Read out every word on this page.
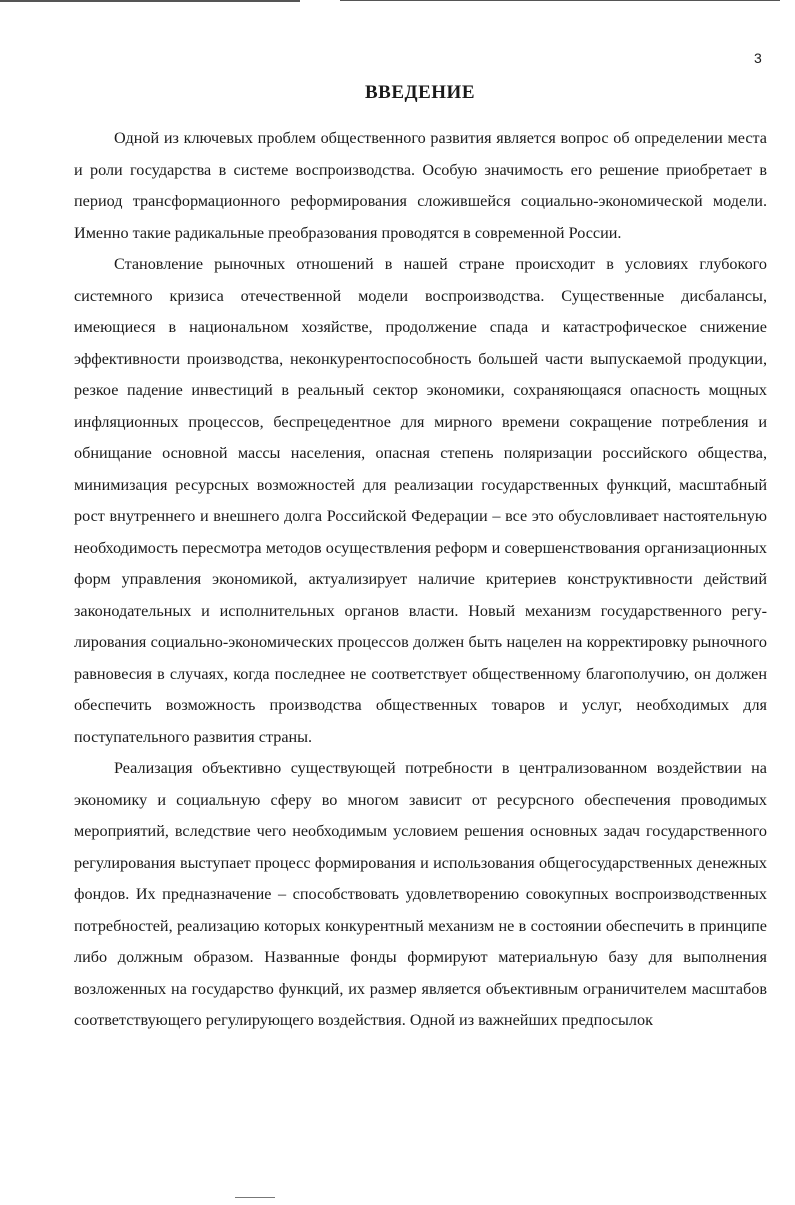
3
ВВЕДЕНИЕ

Одной из ключевых проблем общественного развития является вопрос об определении места и роли государства в системе воспроизводства. Особую значимость его решение приобретает в период трансформационного реформирования сложившейся социально-экономической модели. Именно такие радикальные преобразования проводятся в современной России.

Становление рыночных отношений в нашей стране происходит в условиях глубокого системного кризиса отечественной модели воспроизводства. Существенные дисбалансы, имеющиеся в национальном хозяйстве, продолжение спада и катастрофическое снижение эффективности производства, неконкурентоспособность большей части выпускаемой продукции, резкое падение инвестиций в реальный сектор экономики, сохраняющаяся опасность мощных инфляционных процессов, беспрецедентное для мирного времени сокращение потребления и обнищание основной массы населения, опасная степень поляризации российского общества, минимизация ресурсных возможностей для реализации государственных функций, масштабный рост внутреннего и внешнего долга Российской Федерации – все это обусловливает настоятельную необходимость пересмотра методов осуществления реформ и совершенствования организационных форм управления экономикой, актуализирует наличие критериев конструктивности действий законодательных и исполнительных органов власти. Новый механизм государственного регулирования социально-экономических процессов должен быть нацелен на корректировку рыночного равновесия в случаях, когда последнее не соответствует общественному благополучию, он должен обеспечить возможность производства общественных товаров и услуг, необходимых для поступательного развития страны.

Реализация объективно существующей потребности в централизованном воздействии на экономику и социальную сферу во многом зависит от ресурсного обеспечения проводимых мероприятий, вследствие чего необходимым условием решения основных задач государственного регулирования выступает процесс формирования и использования общегосударственных денежных фондов. Их предназначение – способствовать удовлетворению совокупных воспроизводственных потребностей, реализацию которых конкурентный механизм не в состоянии обеспечить в принципе либо должным образом. Названные фонды формируют материальную базу для выполнения возложенных на государство функций, их размер является объективным ограничителем масштабов соответствующего регулирующего воздействия. Одной из важнейших предпосылок
